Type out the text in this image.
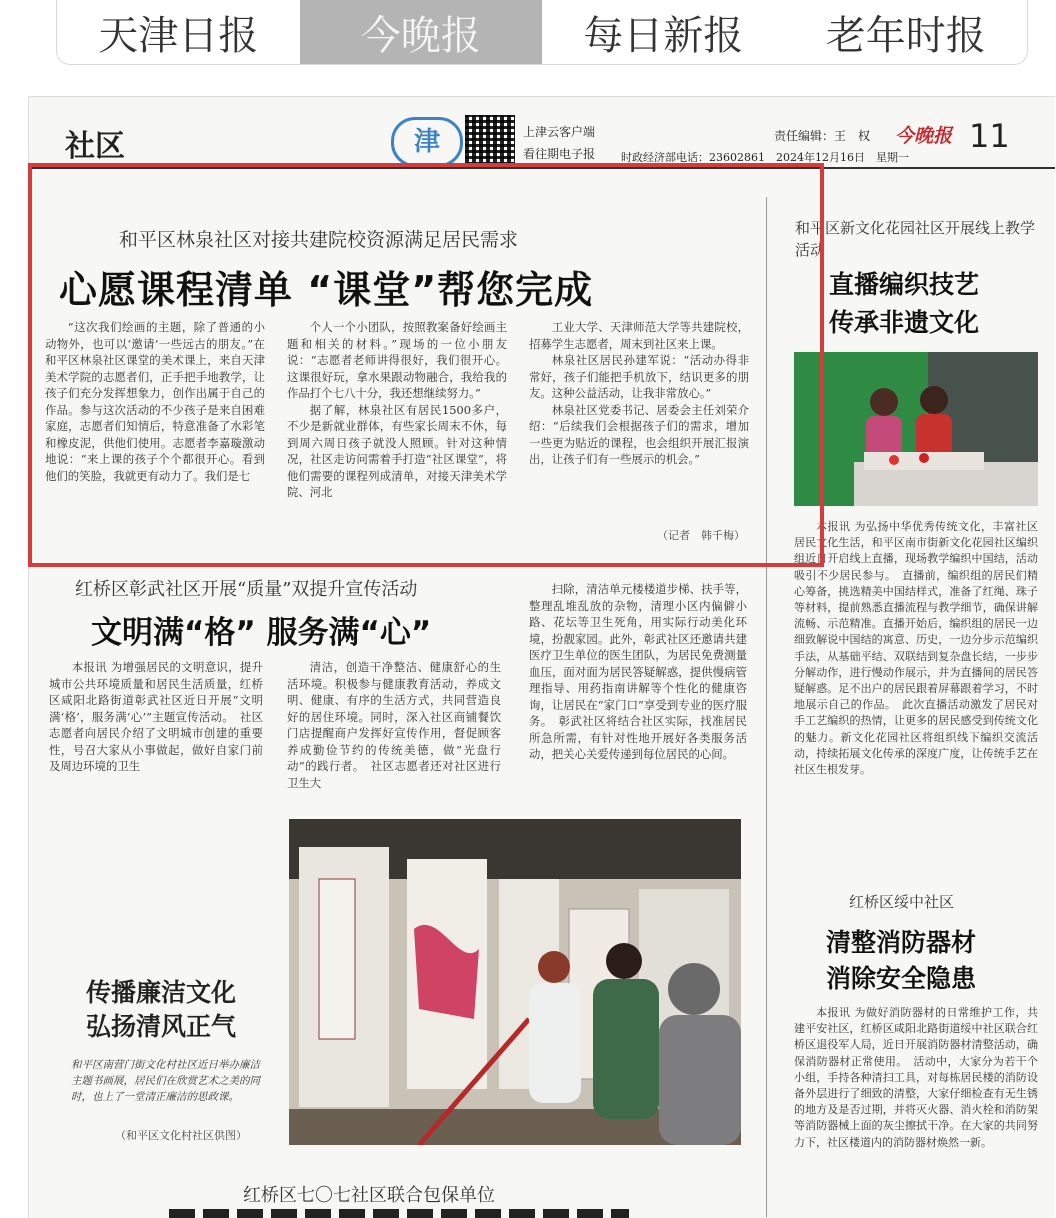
天津日报	今晚报	每日新报	老年时报
社区	津	上津云客户端
看往期电子报
责任编辑：王　权 今晚报 11
时政经济部电话：23602861　2024年12月16日　星期一
和平区林泉社区对接共建院校资源满足居民需求
心愿课程清单 “课堂”帮您完成

“这次我们绘画的主题，除了普通的小动物外，也可以‘邀请’一些远古的朋友。”在和平区林泉社区课堂的美术课上，来自天津美术学院的志愿者们，正手把手地教学，让孩子们充分发挥想象力，创作出属于自己的作品。参与这次活动的不少孩子是来自困难家庭，志愿者们知情后，特意准备了水彩笔和橡皮泥，供他们使用。志愿者李嘉璇激动地说：“来上课的孩子个个都很开心。看到他们的笑脸，我就更有动力了。我们是七

个人一个小团队，按照教案备好绘画主题和相关的材料。”现场的一位小朋友说：“志愿者老师讲得很好，我们很开心。这课很好玩，拿水果跟动物融合，我给我的作品打个七八十分，我还想继续努力。”

据了解，林泉社区有居民1500多户，不少是新就业群体，有些家长周末不休，每到周六周日孩子就没人照顾。针对这种情况，社区走访问需着手打造“社区课堂”，将他们需要的课程列成清单，对接天津美术学院、河北

工业大学、天津师范大学等共建院校，招募学生志愿者，周末到社区来上课。

林泉社区居民孙建军说：“活动办得非常好，孩子们能把手机放下，结识更多的朋友。这种公益活动，让我非常放心。”

林泉社区党委书记、居委会主任刘荣介绍：“后续我们会根据孩子们的需求，增加一些更为贴近的课程，也会组织开展汇报演出，让孩子们有一些展示的机会。”

（记者　韩千梅）
和平区新文化花园社区开展线上教学活动
直播编织技艺
传承非遗文化

本报讯 为弘扬中华优秀传统文化，丰富社区居民文化生活，和平区南市街新文化花园社区编织组近日开启线上直播，现场教学编织中国结，活动吸引不少居民参与。　直播前，编织组的居民们精心筹备，挑选精美中国结样式，准备了红绳、珠子等材料，提前熟悉直播流程与教学细节，确保讲解流畅、示范精准。直播开始后，编织组的居民一边细致解说中国结的寓意、历史，一边分步示范编织手法，从基础平结、双联结到复杂盘长结，一步步分解动作，进行慢动作展示，并为直播间的居民答疑解惑。足不出户的居民跟着屏幕跟着学习，不时地展示自己的作品。　此次直播活动激发了居民对手工艺编织的热情，让更多的居民感受到传统文化的魅力。新文化花园社区将组织线下编织交流活动，持续拓展文化传承的深度广度，让传统手艺在社区生根发芽。

红桥区绥中社区
清整消防器材
消除安全隐患

本报讯 为做好消防器材的日常维护工作，共建平安社区，红桥区咸阳北路街道绥中社区联合红桥区退役军人局，近日开展消防器材清整活动，确保消防器材正常使用。　活动中，大家分为若干个小组，手持各种清扫工具，对每栋居民楼的消防设备外层进行了细致的清整，大家仔细检查有无生锈的地方及是否过期，并将灭火器、消火栓和消防架等消防器械上面的灰尘擦拭干净。在大家的共同努力下，社区楼道内的消防器材焕然一新。

红桥区彰武社区开展“质量”双提升宣传活动
文明满“格” 服务满“心”

本报讯 为增强居民的文明意识，提升城市公共环境质量和居民生活质量，红桥区咸阳北路街道彰武社区近日开展“文明满‘格’，服务满‘心’”主题宣传活动。　社区志愿者向居民介绍了文明城市创建的重要性，号召大家从小事做起，做好自家门前及周边环境的卫生

清洁，创造干净整洁、健康舒心的生活环境。积极参与健康教育活动，养成文明、健康、有序的生活方式，共同营造良好的居住环境。同时，深入社区商铺餐饮门店提醒商户发挥好宣传作用，督促顾客养成勤俭节约的传统美德，做“光盘行动”的践行者。　社区志愿者还对社区进行卫生大

扫除，清洁单元楼楼道步梯、扶手等，整理乱堆乱放的杂物，清理小区内偏僻小路、花坛等卫生死角，用实际行动美化环境，扮靓家园。此外，彰武社区还邀请共建医疗卫生单位的医生团队，为居民免费测量血压，面对面为居民答疑解惑，提供慢病管理指导、用药指南讲解等个性化的健康咨询，让居民在“家门口”享受到专业的医疗服务。　彰武社区将结合社区实际，找准居民所急所需，有针对性地开展好各类服务活动，把关心关爱传递到每位居民的心间。

传播廉洁文化
弘扬清风正气
和平区南营门街文化村社区近日举办廉洁主题书画展，居民们在欣赏艺术之美的同时，也上了一堂清正廉洁的思政课。
（和平区文化村社区供图）
红桥区七〇七社区联合包保单位
